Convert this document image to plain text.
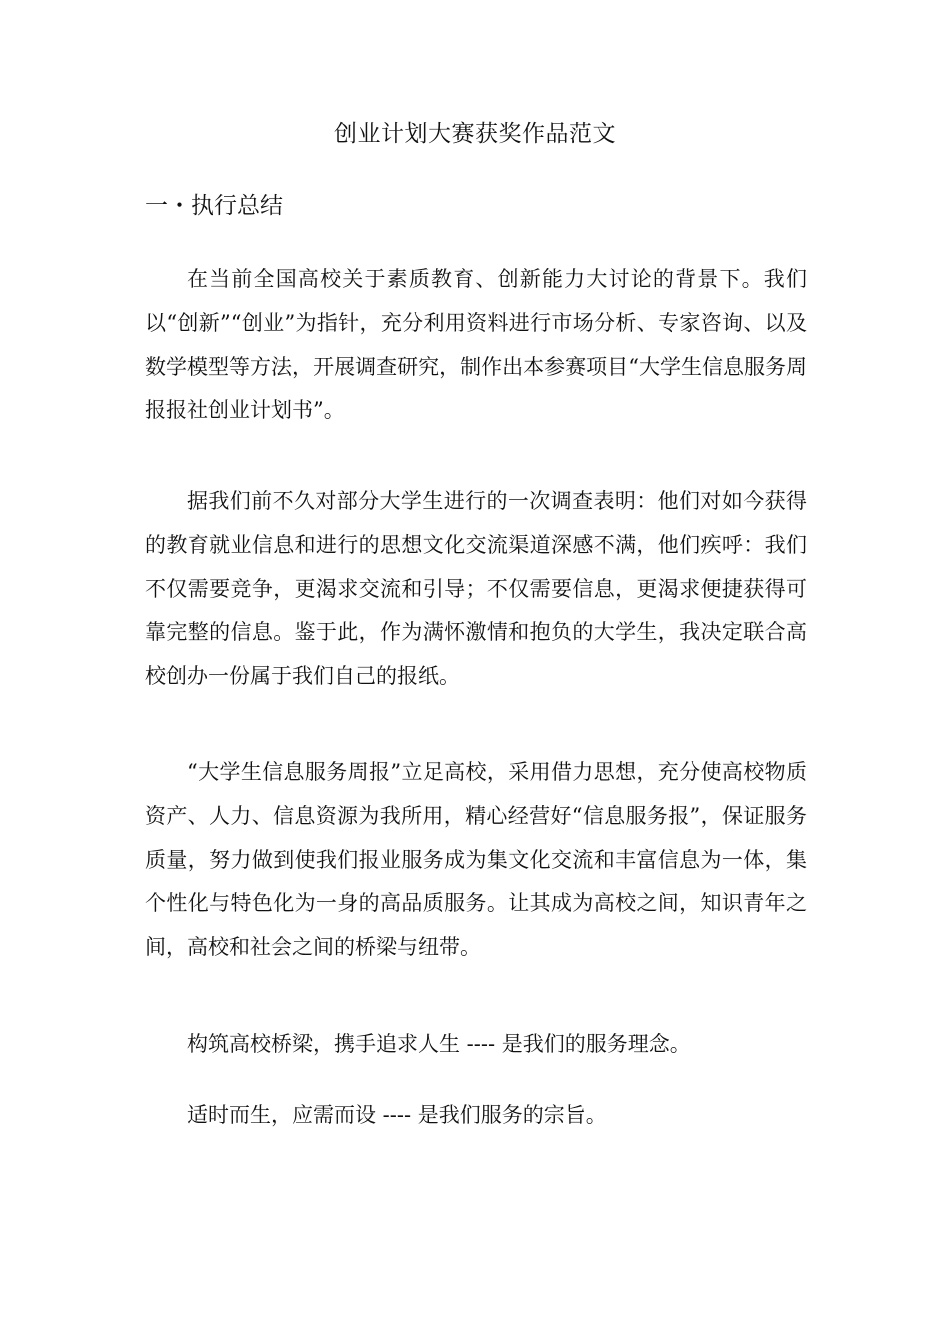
创业计划大赛获奖作品范文
一・执行总结

在当前全国高校关于素质教育、创新能力大讨论的背景下。我们以“创新”“创业”为指针，充分利用资料进行市场分析、专家咨询、以及数学模型等方法，开展调查研究，制作出本参赛项目“大学生信息服务周报报社创业计划书”。

据我们前不久对部分大学生进行的一次调查表明：他们对如今获得的教育就业信息和进行的思想文化交流渠道深感不满，他们疾呼：我们不仅需要竞争，更渴求交流和引导；不仅需要信息，更渴求便捷获得可靠完整的信息。鉴于此，作为满怀激情和抱负的大学生，我决定联合高校创办一份属于我们自己的报纸。

“大学生信息服务周报”立足高校，采用借力思想，充分使高校物质资产、人力、信息资源为我所用，精心经营好“信息服务报”，保证服务质量，努力做到使我们报业服务成为集文化交流和丰富信息为一体，集个性化与特色化为一身的高品质服务。让其成为高校之间，知识青年之间，高校和社会之间的桥梁与纽带。

构筑高校桥梁，携手追求人生 ---- 是我们的服务理念。

适时而生，应需而设 ---- 是我们服务的宗旨。
